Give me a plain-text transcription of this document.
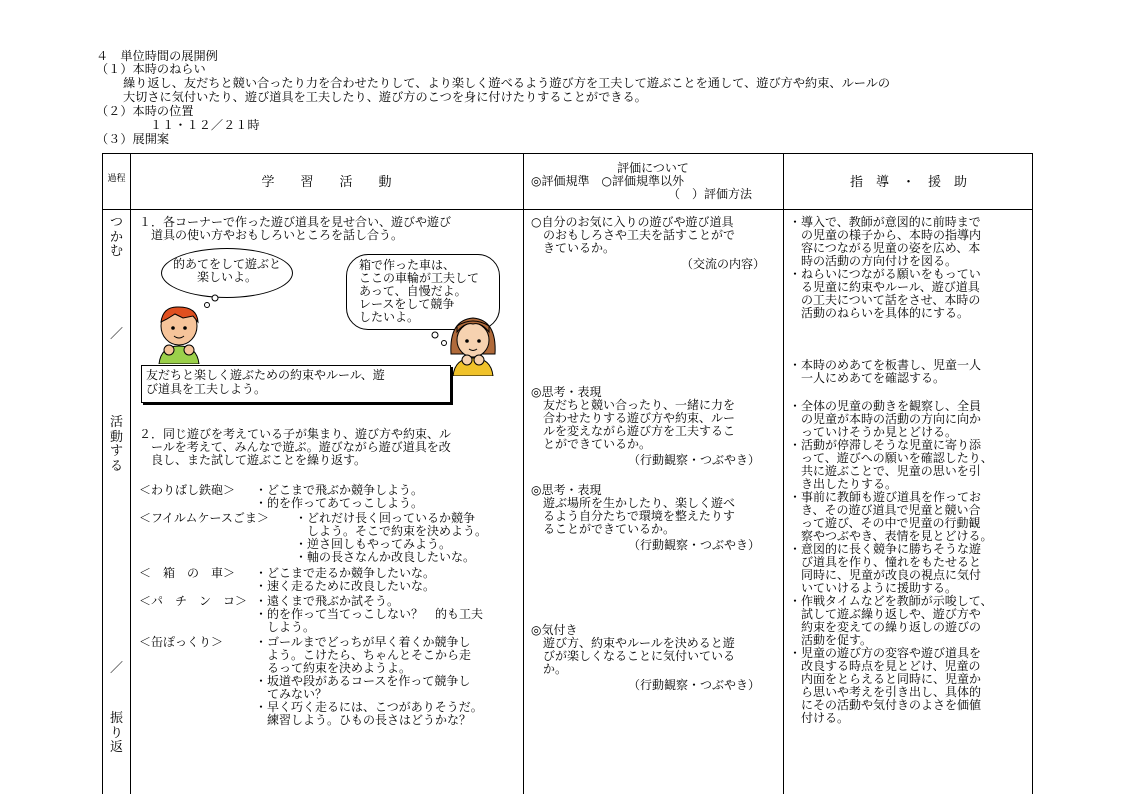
４　単位時間の展開例
（１）本時のねらい
繰り返し、友だちと競い合ったり力を合わせたりして、より楽しく遊べるよう遊び方を工夫して遊ぶことを通して、遊び方や約束、ルールの
大切さに気付いたり、遊び道具を工夫したり、遊び方のこつを身に付けたりすることができる。
（２）本時の位置
１１・１２／２１時
（３）展開案
過程	学　　習　　活　　動
評価について
◎評価規準　○評価規準以外
（　）評価方法
指　導　・　援　助
つ
か
む
／
活
動
す
る
／
振
り
返
１．各コーナーで作った遊び道具を見せ合い、遊びや遊び
　道具の使い方やおもしろいところを話し合う。
的あてをして遊ぶと
楽しいよ。
箱で作った車は、
ここの車輪が工夫して
あって、自慢だよ。
レースをして競争
したいよ。
友だちと楽しく遊ぶための約束やルール、遊
び道具を工夫しよう。
２．同じ遊びを考えている子が集まり、遊び方や約束、ル
　ールを考えて、みんなで遊ぶ。遊びながら遊び道具を改
　良し、また試して遊ぶことを繰り返す。
＜わりばし鉄砲＞ ・どこまで飛ぶか競争しよう。
・的を作ってあてっこしよう。
＜フイルムケースごま＞ ・どれだけ長く回っているか競争
　しよう。そこで約束を決めよう。
・逆さ回しもやってみよう。
・軸の長さなんか改良したいな。
＜　箱　の　車＞ ・どこまで走るか競争したいな。
・速く走るために改良したいな。
＜パ　チ　ン　コ＞ ・遠くまで飛ぶか試そう。
・的を作って当てっこしない？　的も工夫
　しよう。
＜缶ぽっくり＞	・ゴールまでどっちが早く着くか競争し
　よう。こけたら、ちゃんとそこから走
　るって約束を決めようよ。
・坂道や段があるコースを作って競争し
　てみない？
・早く巧く走るには、こつがありそうだ。
　練習しよう。ひもの長さはどうかな？
○自分のお気に入りの遊びや遊び道具
　のおもしろさや工夫を話すことがで
　きているか。
（交流の内容）
◎思考・表現
　友だちと競い合ったり、一緒に力を
　合わせたりする遊び方や約束、ルー
　ルを変えながら遊び方を工夫するこ
　とができているか。
（行動観察・つぶやき）
◎思考・表現
　遊ぶ場所を生かしたり、楽しく遊べ
　るよう自分たちで環境を整えたりす
　ることができているか。
（行動観察・つぶやき）
◎気付き
　遊び方、約束やルールを決めると遊
　びが楽しくなることに気付いている
　か。
（行動観察・つぶやき）
・導入で、教師が意図的に前時まで
　の児童の様子から、本時の指導内
　容につながる児童の姿を広め、本
　時の活動の方向付けを図る。
・ねらいにつながる願いをもってい
　る児童に約束やルール、遊び道具
　の工夫について話をさせ、本時の
　活動のねらいを具体的にする。
・本時のめあてを板書し、児童一人
　一人にめあてを確認する。
・全体の児童の動きを観察し、全員
　の児童が本時の活動の方向に向か
　っていけそうか見とどける。
・活動が停滞しそうな児童に寄り添
　って、遊びへの願いを確認したり、
　共に遊ぶことで、児童の思いを引
　き出したりする。
・事前に教師も遊び道具を作ってお
　き、その遊び道具で児童と競い合
　って遊び、その中で児童の行動観
　察やつぶやき、表情を見とどける。
・意図的に長く競争に勝ちそうな遊
　び道具を作り、憧れをもたせると
　同時に、児童が改良の視点に気付
　いていけるように援助する。
・作戦タイムなどを教師が示唆して、
　試して遊ぶ繰り返しや、遊び方や
　約束を変えての繰り返しの遊びの
　活動を促す。
・児童の遊び方の変容や遊び道具を
　改良する時点を見とどけ、児童の
　内面をとらえると同時に、児童か
　ら思いや考えを引き出し、具体的
　にその活動や気付きのよさを価値
　付ける。
